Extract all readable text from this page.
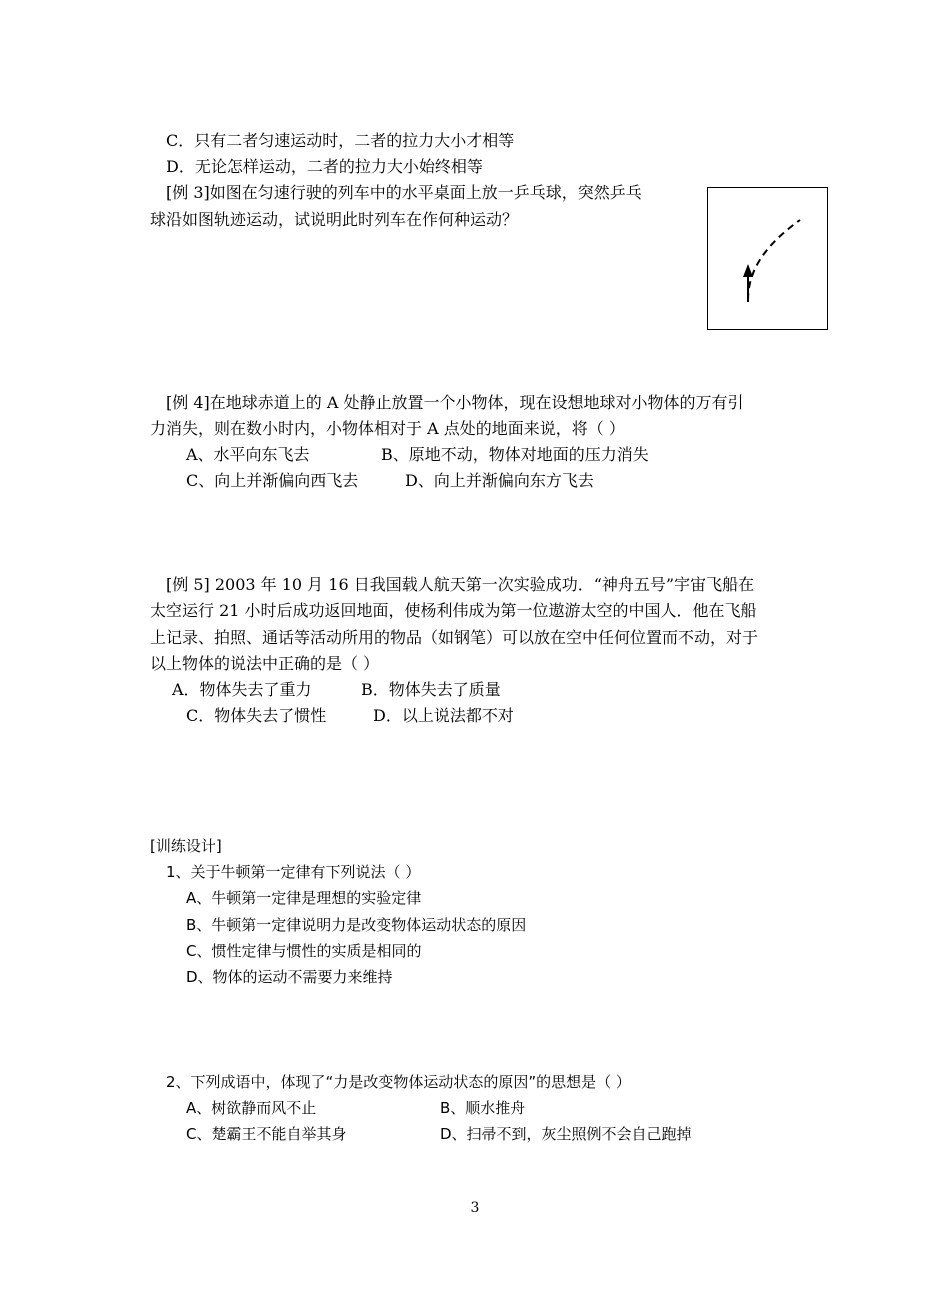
C．只有二者匀速运动时，二者的拉力大小才相等
D．无论怎样运动，二者的拉力大小始终相等
[例 3]如图在匀速行驶的列车中的水平桌面上放一乒乓球，突然乒乓
球沿如图轨迹运动，试说明此时列车在作何种运动？
[例 4]在地球赤道上的 A 处静止放置一个小物体，现在设想地球对小物体的万有引
力消失，则在数小时内，小物体相对于 A 点处的地面来说，将（ ）
A、水平向东飞去	B、原地不动，物体对地面的压力消失
C、向上并渐偏向西飞去	D、向上并渐偏向东方飞去
[例 5] 2003 年 10 月 16 日我国载人航天第一次实验成功．“神舟五号”宇宙飞船在
太空运行 21 小时后成功返回地面，使杨利伟成为第一位遨游太空的中国人．他在飞船
上记录、拍照、通话等活动所用的物品（如钢笔）可以放在空中任何位置而不动，对于
以上物体的说法中正确的是（ ）
A．物体失去了重力	B．物体失去了质量
C．物体失去了惯性	D．以上说法都不对
[训练设计]
1、关于牛顿第一定律有下列说法（ ）
A、牛顿第一定律是理想的实验定律
B、牛顿第一定律说明力是改变物体运动状态的原因
C、惯性定律与惯性的实质是相同的
D、物体的运动不需要力来维持
2、下列成语中，体现了“力是改变物体运动状态的原因”的思想是（ ）
A、树欲静而风不止	B、顺水推舟
C、楚霸王不能自举其身	D、扫帚不到，灰尘照例不会自己跑掉
3
